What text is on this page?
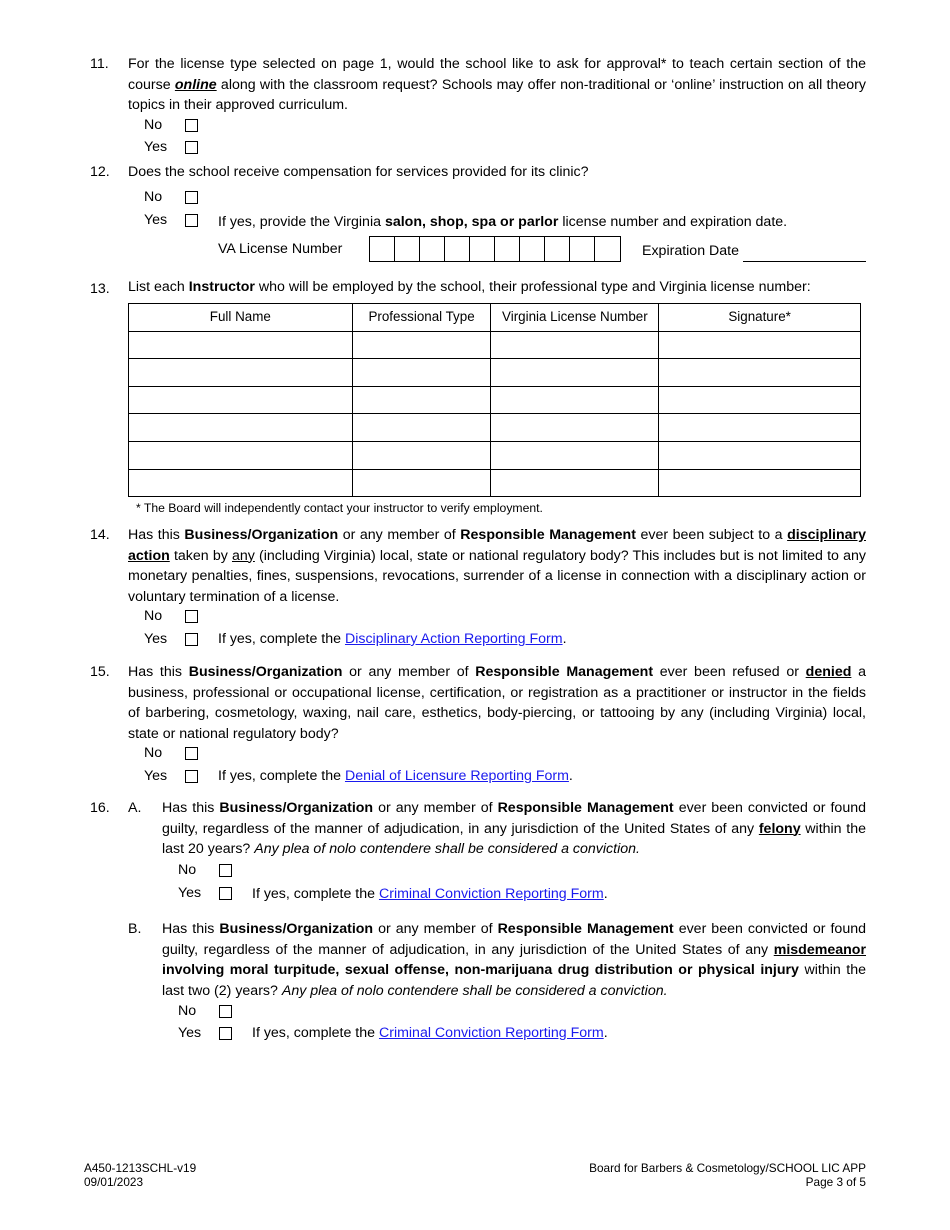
11. For the license type selected on page 1, would the school like to ask for approval* to teach certain section of the course online along with the classroom request? Schools may offer non-traditional or ‘online’ instruction on all theory topics in their approved curriculum.
No
Yes
12. Does the school receive compensation for services provided for its clinic?
No
Yes	If yes, provide the Virginia salon, shop, spa or parlor license number and expiration date.
VA License Number	Expiration Date
13. List each Instructor who will be employed by the school, their professional type and Virginia license number:
Full Name	Professional Type	Virginia License Number	Signature*

* The Board will independently contact your instructor to verify employment.
14. Has this Business/Organization or any member of Responsible Management ever been subject to a disciplinary action taken by any (including Virginia) local, state or national regulatory body? This includes but is not limited to any monetary penalties, fines, suspensions, revocations, surrender of a license in connection with a disciplinary action or voluntary termination of a license.
No
Yes	If yes, complete the Disciplinary Action Reporting Form.
15. Has this Business/Organization or any member of Responsible Management ever been refused or denied a business, professional or occupational license, certification, or registration as a practitioner or instructor in the fields of barbering, cosmetology, waxing, nail care, esthetics, body-piercing, or tattooing by any (including Virginia) local, state or national regulatory body?
No
Yes	If yes, complete the Denial of Licensure Reporting Form.
16. A. Has this Business/Organization or any member of Responsible Management ever been convicted or found guilty, regardless of the manner of adjudication, in any jurisdiction of the United States of any felony within the last 20 years? Any plea of nolo contendere shall be considered a conviction.
No
Yes	If yes, complete the Criminal Conviction Reporting Form.
B. Has this Business/Organization or any member of Responsible Management ever been convicted or found guilty, regardless of the manner of adjudication, in any jurisdiction of the United States of any misdemeanor involving moral turpitude, sexual offense, non-marijuana drug distribution or physical injury within the last two (2) years? Any plea of nolo contendere shall be considered a conviction.
No
Yes	If yes, complete the Criminal Conviction Reporting Form.
A450-1213SCHL-v19
09/01/2023
Board for Barbers & Cosmetology/SCHOOL LIC APP
Page 3 of 5
